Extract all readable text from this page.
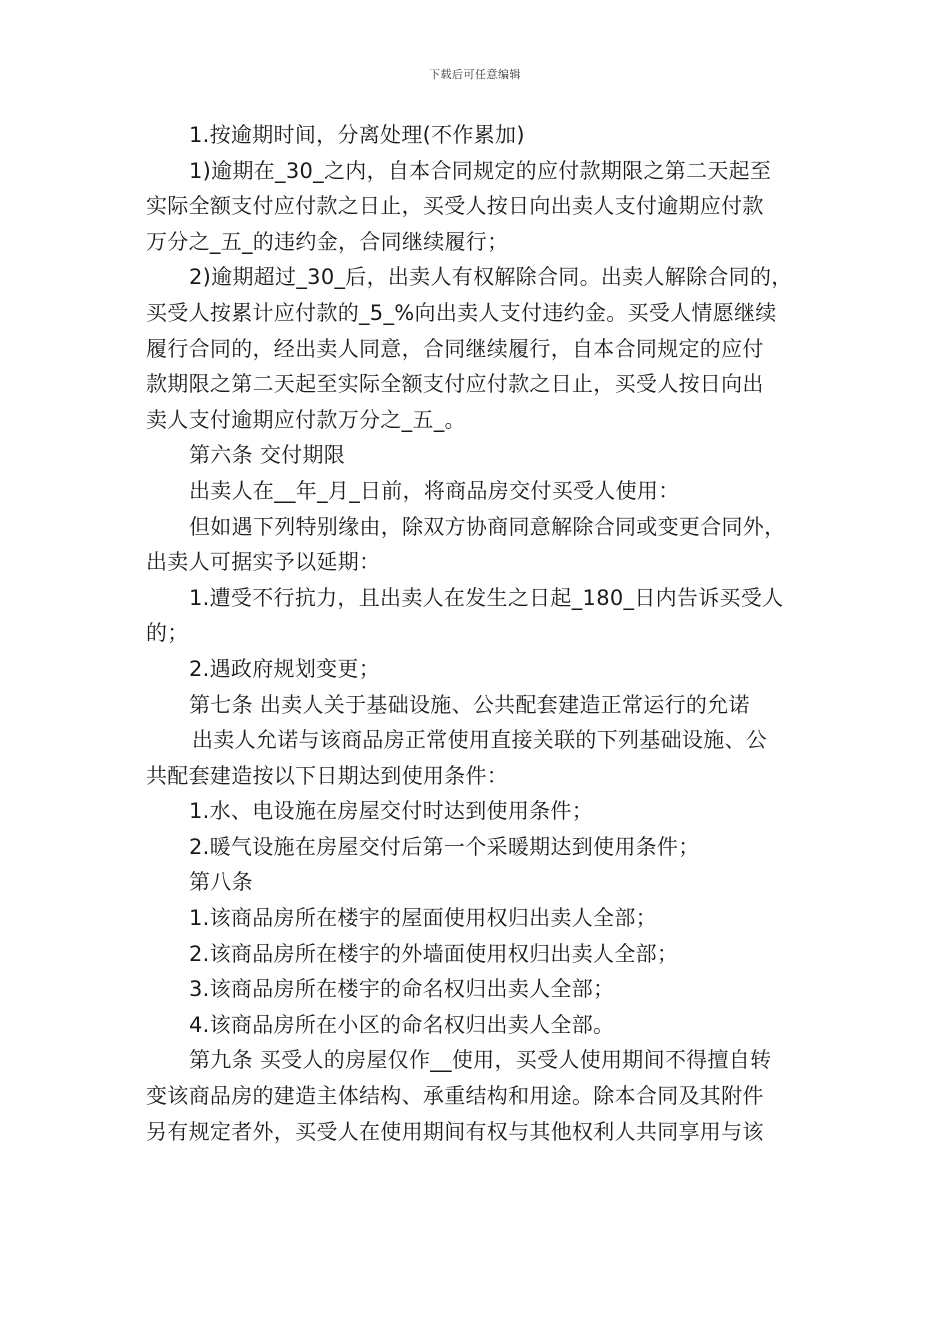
下载后可任意编辑

1.按逾期时间，分离处理(不作累加)

1)逾期在_30_之内，自本合同规定的应付款期限之第二天起至

实际全额支付应付款之日止，买受人按日向出卖人支付逾期应付款

万分之_五_的违约金，合同继续履行；

2)逾期超过_30_后，出卖人有权解除合同。出卖人解除合同的，

买受人按累计应付款的_5_%向出卖人支付违约金。买受人情愿继续

履行合同的，经出卖人同意，合同继续履行，自本合同规定的应付

款期限之第二天起至实际全额支付应付款之日止，买受人按日向出

卖人支付逾期应付款万分之_五_。

第六条 交付期限

出卖人在__年_月_日前，将商品房交付买受人使用：

但如遇下列特别缘由，除双方协商同意解除合同或变更合同外，

出卖人可据实予以延期：

1.遭受不行抗力，且出卖人在发生之日起_180_日内告诉买受人

的；

2.遇政府规划变更；

第七条 出卖人关于基础设施、公共配套建造正常运行的允诺

出卖人允诺与该商品房正常使用直接关联的下列基础设施、公

共配套建造按以下日期达到使用条件：

1.水、电设施在房屋交付时达到使用条件；

2.暖气设施在房屋交付后第一个采暖期达到使用条件；

第八条

1.该商品房所在楼宇的屋面使用权归出卖人全部；

2.该商品房所在楼宇的外墙面使用权归出卖人全部；

3.该商品房所在楼宇的命名权归出卖人全部；

4.该商品房所在小区的命名权归出卖人全部。

第九条 买受人的房屋仅作__使用，买受人使用期间不得擅自转

变该商品房的建造主体结构、承重结构和用途。除本合同及其附件

另有规定者外，买受人在使用期间有权与其他权利人共同享用与该
